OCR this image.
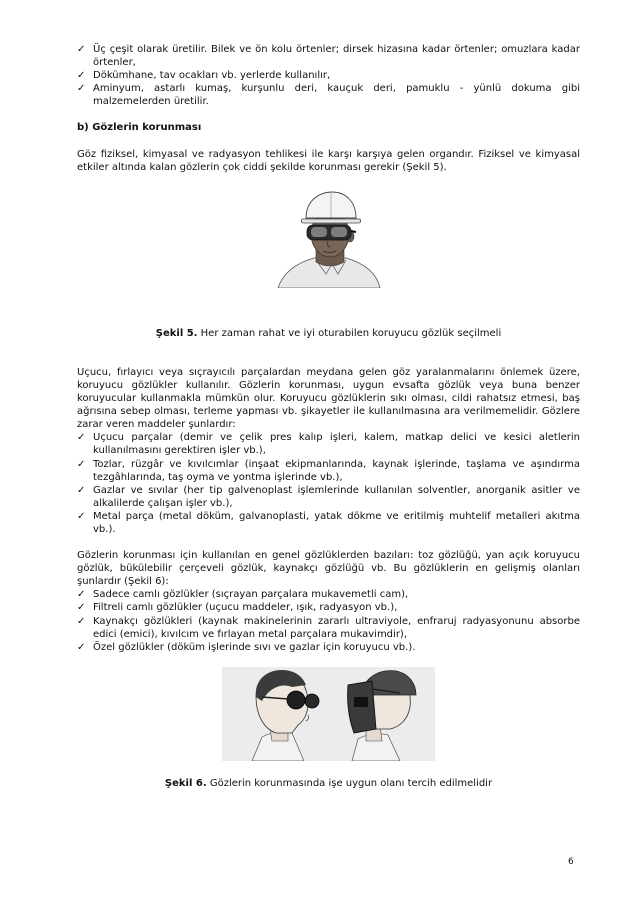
✓ Üç çeşit olarak üretilir. Bilek ve ön kolu örtenler; dirsek hizasına kadar örtenler; omuzlara kadar örtenler,
✓ Dökümhane, tav ocakları vb. yerlerde kullanılır,
✓ Aminyum, astarlı kumaş, kurşunlu deri, kauçuk deri, pamuklu - yünlü dokuma gibi malzemelerden üretilir.
b) Gözlerin korunması

Göz fiziksel, kimyasal ve radyasyon tehlikesi ile karşı karşıya gelen organdır. Fiziksel ve kimyasal etkiler altında kalan gözlerin çok ciddi şekilde korunması gerekir (Şekil 5).

Şekil 5. Her zaman rahat ve iyi oturabilen koruyucu gözlük seçilmeli

Uçucu, fırlayıcı veya sıçrayıcılı parçalardan meydana gelen göz yaralanmalarını önlemek üzere, koruyucu gözlükler kullanılır. Gözlerin korunması, uygun evsafta gözlük veya buna benzer koruyucular kullanmakla mümkün olur. Koruyucu gözlüklerin sıkı olması, cildi rahatsız etmesi, baş ağrısına sebep olması, terleme yapması vb. şikayetler ile kullanılmasına ara verilmemelidir. Gözlere zarar veren maddeler şunlardır:

✓ Uçucu parçalar (demir ve çelik pres kalıp işleri, kalem, matkap delici ve kesici aletlerin kullanılmasını gerektiren işler vb.),
✓ Tozlar, rüzgâr ve kıvılcımlar (inşaat ekipmanlarında, kaynak işlerinde, taşlama ve aşındırma tezgâhlarında, taş oyma ve yontma işlerinde vb.),
✓ Gazlar ve sıvılar (her tip galvenoplast işlemlerinde kullanılan solventler, anorganik asitler ve alkalilerde çalışan işler vb.),
✓ Metal parça (metal döküm, galvanoplasti, yatak dökme ve eritilmiş muhtelif metalleri akıtma vb.).

Gözlerin korunması için kullanılan en genel gözlüklerden bazıları: toz gözlüğü, yan açık koruyucu gözlük, bükülebilir çerçeveli gözlük, kaynakçı gözlüğü vb. Bu gözlüklerin en gelişmiş olanları şunlardır (Şekil 6):

✓ Sadece camlı gözlükler (sıçrayan parçalara mukavemetli cam),
✓ Filtreli camlı gözlükler (uçucu maddeler, ışık, radyasyon vb.),
✓ Kaynakçı gözlükleri (kaynak makinelerinin zararlı ultraviyole, enfraruj radyasyonunu absorbe edici (emici), kıvılcım ve fırlayan metal parçalara mukavimdir),
✓ Özel gözlükler (döküm işlerinde sıvı ve gazlar için koruyucu vb.).
Şekil 6. Gözlerin korunmasında işe uygun olanı tercih edilmelidir
6
